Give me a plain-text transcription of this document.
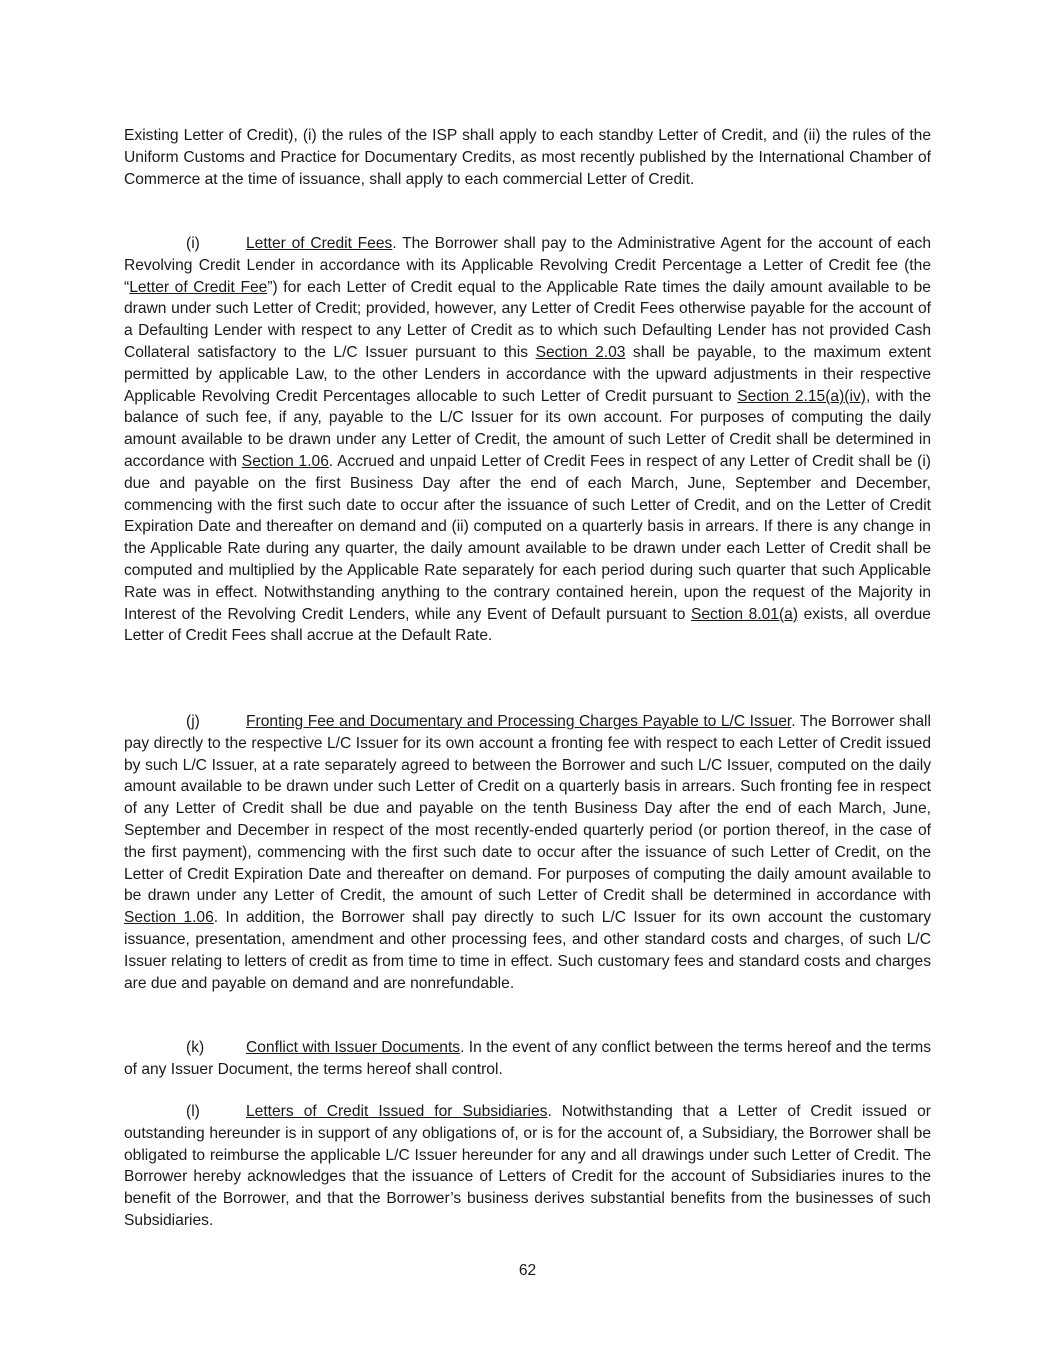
Existing Letter of Credit), (i) the rules of the ISP shall apply to each standby Letter of Credit, and (ii) the rules of the Uniform Customs and Practice for Documentary Credits, as most recently published by the International Chamber of Commerce at the time of issuance, shall apply to each commercial Letter of Credit.

(i)	Letter of Credit Fees. The Borrower shall pay to the Administrative Agent for the account of each Revolving Credit Lender in accordance with its Applicable Revolving Credit Percentage a Letter of Credit fee (the “Letter of Credit Fee”) for each Letter of Credit equal to the Applicable Rate times the daily amount available to be drawn under such Letter of Credit; provided, however, any Letter of Credit Fees otherwise payable for the account of a Defaulting Lender with respect to any Letter of Credit as to which such Defaulting Lender has not provided Cash Collateral satisfactory to the L/C Issuer pursuant to this Section 2.03 shall be payable, to the maximum extent permitted by applicable Law, to the other Lenders in accordance with the upward adjustments in their respective Applicable Revolving Credit Percentages allocable to such Letter of Credit pursuant to Section 2.15(a)(iv), with the balance of such fee, if any, payable to the L/C Issuer for its own account. For purposes of computing the daily amount available to be drawn under any Letter of Credit, the amount of such Letter of Credit shall be determined in accordance with Section 1.06. Accrued and unpaid Letter of Credit Fees in respect of any Letter of Credit shall be (i) due and payable on the first Business Day after the end of each March, June, September and December, commencing with the first such date to occur after the issuance of such Letter of Credit, and on the Letter of Credit Expiration Date and thereafter on demand and (ii) computed on a quarterly basis in arrears. If there is any change in the Applicable Rate during any quarter, the daily amount available to be drawn under each Letter of Credit shall be computed and multiplied by the Applicable Rate separately for each period during such quarter that such Applicable Rate was in effect. Notwithstanding anything to the contrary contained herein, upon the request of the Majority in Interest of the Revolving Credit Lenders, while any Event of Default pursuant to Section 8.01(a) exists, all overdue Letter of Credit Fees shall accrue at the Default Rate.

(j)	Fronting Fee and Documentary and Processing Charges Payable to L/C Issuer. The Borrower shall pay directly to the respective L/C Issuer for its own account a fronting fee with respect to each Letter of Credit issued by such L/C Issuer, at a rate separately agreed to between the Borrower and such L/C Issuer, computed on the daily amount available to be drawn under such Letter of Credit on a quarterly basis in arrears. Such fronting fee in respect of any Letter of Credit shall be due and payable on the tenth Business Day after the end of each March, June, September and December in respect of the most recently-ended quarterly period (or portion thereof, in the case of the first payment), commencing with the first such date to occur after the issuance of such Letter of Credit, on the Letter of Credit Expiration Date and thereafter on demand. For purposes of computing the daily amount available to be drawn under any Letter of Credit, the amount of such Letter of Credit shall be determined in accordance with Section 1.06. In addition, the Borrower shall pay directly to such L/C Issuer for its own account the customary issuance, presentation, amendment and other processing fees, and other standard costs and charges, of such L/C Issuer relating to letters of credit as from time to time in effect. Such customary fees and standard costs and charges are due and payable on demand and are nonrefundable.

(k)	Conflict with Issuer Documents. In the event of any conflict between the terms hereof and the terms of any Issuer Document, the terms hereof shall control.

(l)	Letters of Credit Issued for Subsidiaries. Notwithstanding that a Letter of Credit issued or outstanding hereunder is in support of any obligations of, or is for the account of, a Subsidiary, the Borrower shall be obligated to reimburse the applicable L/C Issuer hereunder for any and all drawings under such Letter of Credit. The Borrower hereby acknowledges that the issuance of Letters of Credit for the account of Subsidiaries inures to the benefit of the Borrower, and that the Borrower’s business derives substantial benefits from the businesses of such Subsidiaries.

62
